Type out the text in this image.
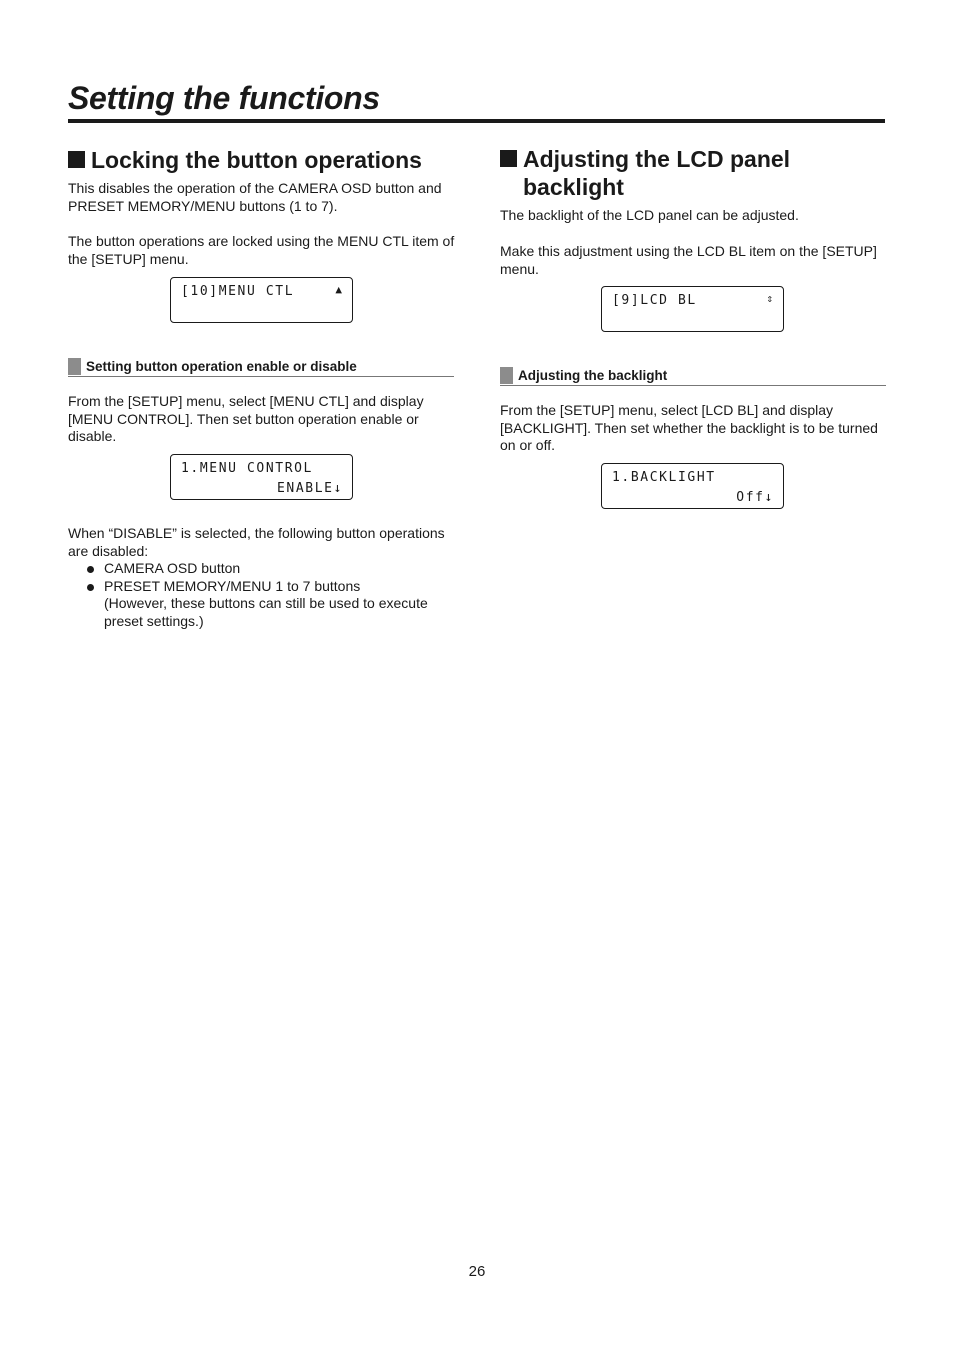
Setting the functions
Locking the button operations

This disables the operation of the CAMERA OSD button and PRESET MEMORY/MENU buttons (1 to 7).

The button operations are locked using the MENU CTL item of the [SETUP] menu.

[10]MENU CTL	▲
Setting button operation enable or disable

From the [SETUP] menu, select [MENU CTL] and display [MENU CONTROL]. Then set button operation enable or disable.

1.MENU CONTROL
ENABLE↓

When “DISABLE” is selected, the following button operations are disabled:

CAMERA OSD button
PRESET MEMORY/MENU 1 to 7 buttons
(However, these buttons can still be used to execute preset settings.)
Adjusting the LCD panel backlight

The backlight of the LCD panel can be adjusted.

Make this adjustment using the LCD BL item on the [SETUP] menu.

[9]LCD BL	⇕
Adjusting the backlight

From the [SETUP] menu, select [LCD BL] and display [BACKLIGHT]. Then set whether the backlight is to be turned on or off.

1.BACKLIGHT
Off↓
26
